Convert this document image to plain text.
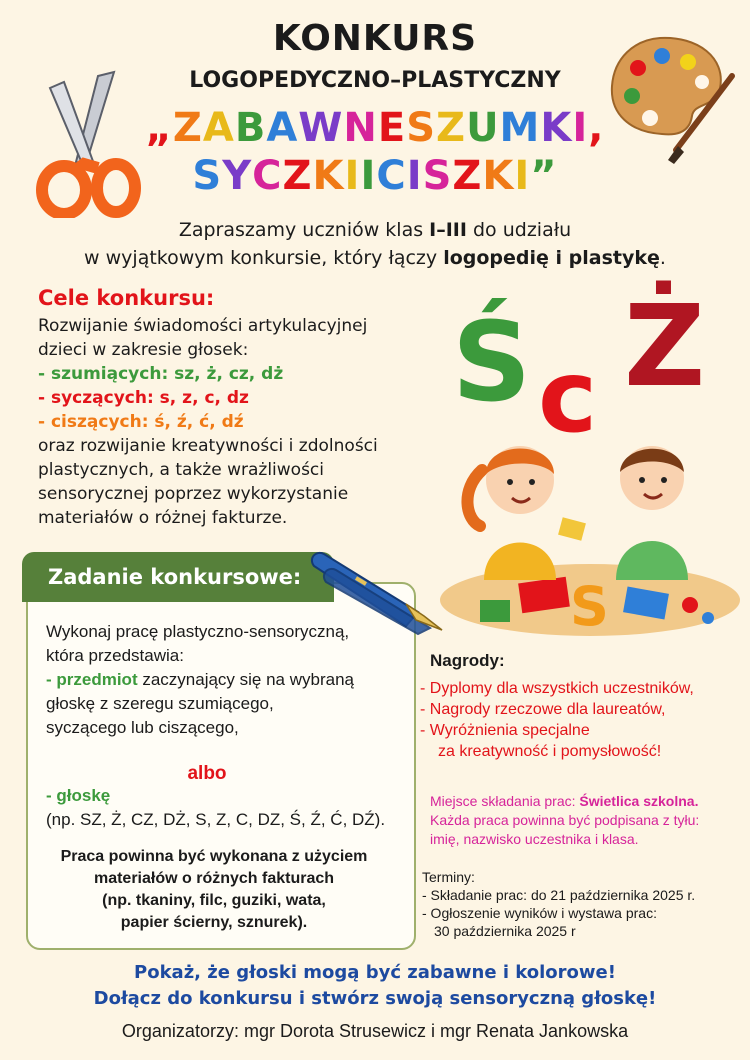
KONKURS
LOGOPEDYCZNO–PLASTYCZNY
„ZABAWNESZUMKI,
SYCZKIICISZKI”
Zapraszamy uczniów klas I–III do udziału
w wyjątkowym konkursie, który łączy logopedię i plastykę.
Cele konkursu:
Rozwijanie świadomości artykulacyjnej
dzieci w zakresie głosek:
- szumiących: sz, ż, cz, dż
- syczących: s, z, c, dz
- ciszących: ś, ź, ć, dź
oraz rozwijanie kreatywności i zdolności
plastycznych, a także wrażliwości
sensorycznej poprzez wykorzystanie
materiałów o różnej fakturze.
Ś c Ż
S
Zadanie konkursowe:
Wykonaj pracę plastyczno-sensoryczną,
która przedstawia:
- przedmiot zaczynający się na wybraną
głoskę z szeregu szumiącego,
syczącego lub ciszącego,
albo
- głoskę
(np. SZ, Ż, CZ, DŻ, S, Z, C, DZ, Ś, Ź, Ć, DŹ).
Praca powinna być wykonana z użyciem
materiałów o różnych fakturach
(np. tkaniny, filc, guziki, wata,
papier ścierny, sznurek).
Nagrody:
- Dyplomy dla wszystkich uczestników,
- Nagrody rzeczowe dla laureatów,
- Wyróżnienia specjalne
za kreatywność i pomysłowość!
Miejsce składania prac: Świetlica szkolna.
Każda praca powinna być podpisana z tyłu:
imię, nazwisko uczestnika i klasa.
Terminy:
- Składanie prac: do 21 października 2025 r.
- Ogłoszenie wyników i wystawa prac:
30 października 2025 r
Pokaż, że głoski mogą być zabawne i kolorowe!
Dołącz do konkursu i stwórz swoją sensoryczną głoskę!
Organizatorzy: mgr Dorota Strusewicz i mgr Renata Jankowska
